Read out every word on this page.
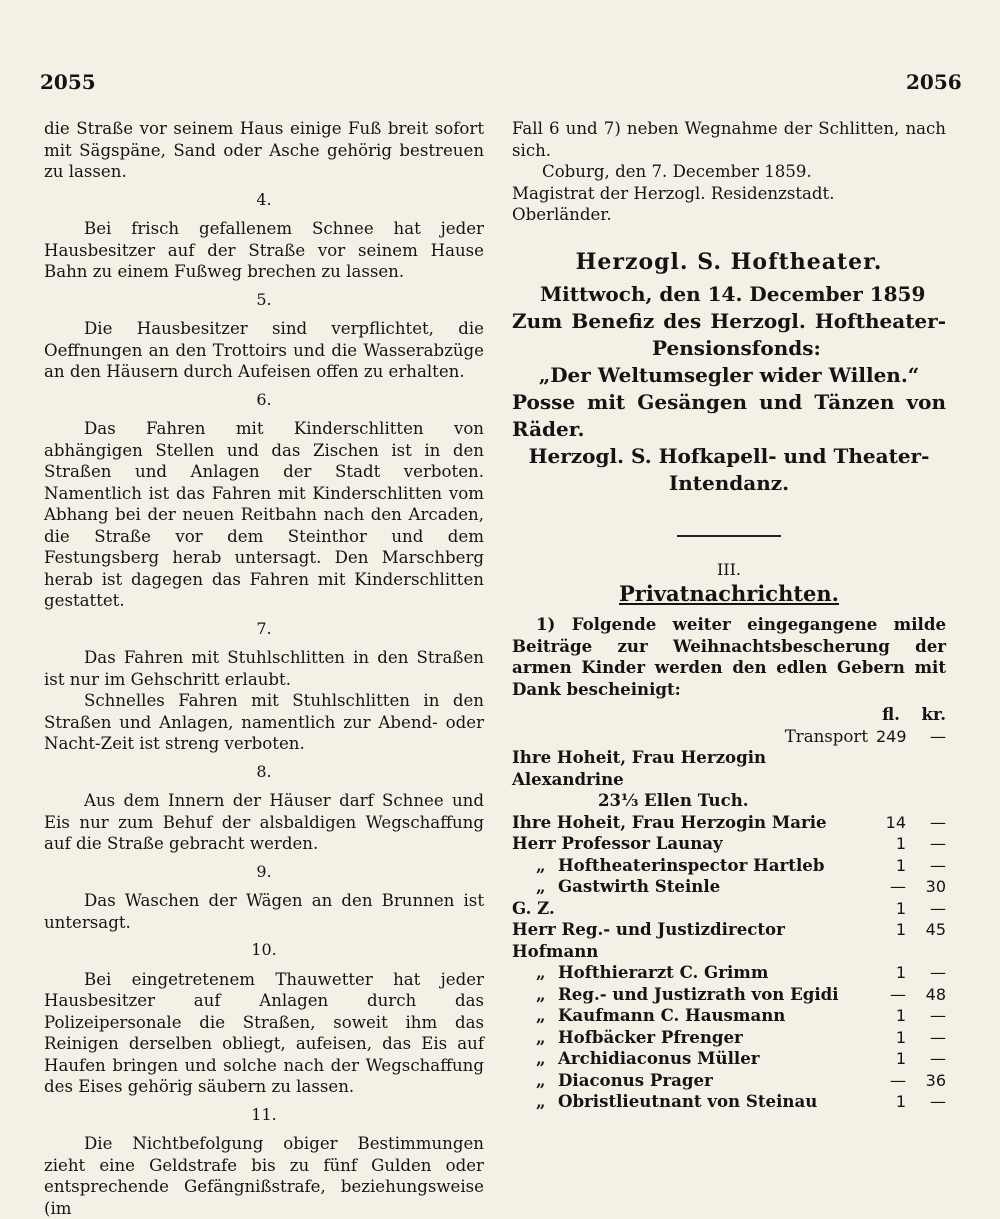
2055	2056

die Straße vor seinem Haus einige Fuß breit sofort mit Sägspäne, Sand oder Asche gehörig bestreuen zu lassen.

4.

Bei frisch gefallenem Schnee hat jeder Hausbesitzer auf der Straße vor seinem Hause Bahn zu einem Fußweg brechen zu lassen.

5.

Die Hausbesitzer sind verpflichtet, die Oeffnungen an den Trottoirs und die Wasserabzüge an den Häusern durch Aufeisen offen zu erhalten.

6.

Das Fahren mit Kinderschlitten von abhängigen Stellen und das Zischen ist in den Straßen und Anlagen der Stadt verboten. Namentlich ist das Fahren mit Kinderschlitten vom Abhang bei der neuen Reitbahn nach den Arcaden, die Straße vor dem Steinthor und dem Festungsberg herab untersagt. Den Marschberg herab ist dagegen das Fahren mit Kinderschlitten gestattet.

7.

Das Fahren mit Stuhlschlitten in den Straßen ist nur im Gehschritt erlaubt.

Schnelles Fahren mit Stuhlschlitten in den Straßen und Anlagen, namentlich zur Abend- oder Nacht-Zeit ist streng verboten.

8.

Aus dem Innern der Häuser darf Schnee und Eis nur zum Behuf der alsbaldigen Wegschaffung auf die Straße gebracht werden.

9.

Das Waschen der Wägen an den Brunnen ist untersagt.

10.

Bei eingetretenem Thauwetter hat jeder Hausbesitzer auf Anlagen durch das Polizeipersonale die Straßen, soweit ihm das Reinigen derselben obliegt, aufeisen, das Eis auf Haufen bringen und solche nach der Wegschaffung des Eises gehörig säubern zu lassen.

11.

Die Nichtbefolgung obiger Bestimmungen zieht eine Geldstrafe bis zu fünf Gulden oder entsprechende Gefängnißstrafe, beziehungsweise (im

Fall 6 und 7) neben Wegnahme der Schlitten, nach sich.

Coburg, den 7. December 1859.

Magistrat der Herzogl. Residenzstadt.

Oberländer.

Herzogl. S. Hoftheater.

Mittwoch, den 14. December 1859

Zum Benefiz des Herzogl. Hoftheater-Pensionsfonds:

„Der Weltumsegler wider Willen.“

Posse mit Gesängen und Tänzen von Räder.

Herzogl. S. Hofkapell- und Theater-Intendanz.

III.
Privatnachrichten.

1) Folgende weiter eingegangene milde Beiträge zur Weihnachtsbescherung der armen Kinder werden den edlen Gebern mit Dank bescheinigt:

fl.	kr.
Transport 249	—
Ihre Hoheit, Frau Herzogin Alexandrine
23⅓ Ellen Tuch.
Ihre Hoheit, Frau Herzogin Marie	14	—
Herr Professor Launay	1	—
„ Hoftheaterinspector Hartleb	1	—
„ Gastwirth Steinle	—	30
G. Z.	1	—
Herr Reg.- und Justizdirector Hofmann
1	45
„ Hofthierarzt C. Grimm	1	—
„ Reg.- und Justizrath von Egidi	—	48
„ Kaufmann C. Hausmann	1	—
„ Hofbäcker Pfrenger	1	—
„ Archidiaconus Müller	1	—
„ Diaconus Prager	—	36
„ Obristlieutnant von Steinau	1	—
